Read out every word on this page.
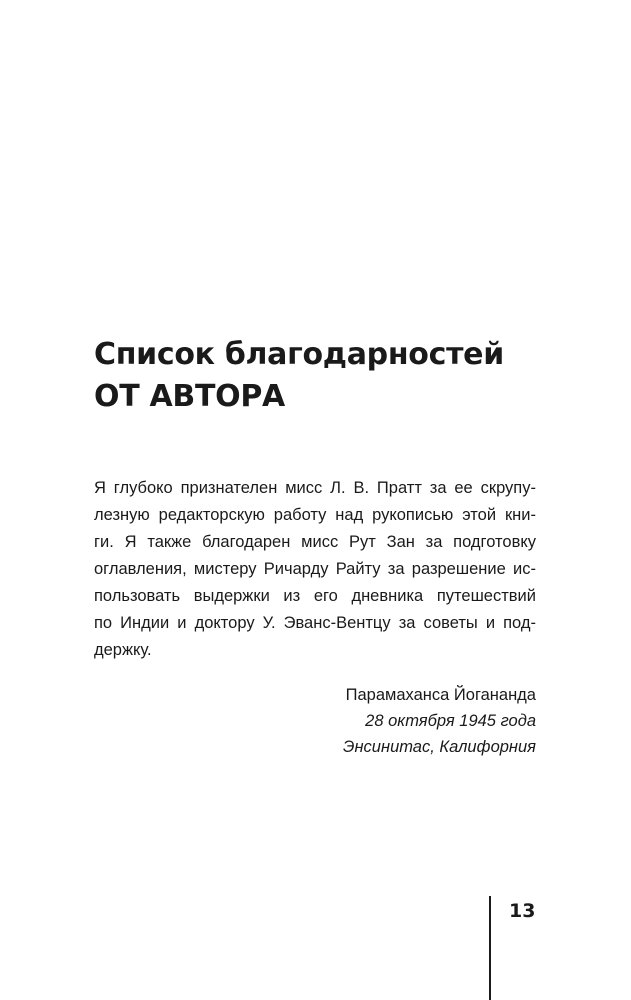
Список благодарностей
ОТ АВТОРА

Я глубоко признателен мисс Л. В. Пратт за ее скрупу-
лезную редакторскую работу над рукописью этой кни-
ги. Я также благодарен мисс Рут Зан за подготовку
оглавления, мистеру Ричарду Райту за разрешение ис-
пользовать выдержки из его дневника путешествий
по Индии и доктору У. Эванс-Вентцу за советы и под-
держку.

Парамаханса Йогананда
28 октября 1945 года
Энсинитас, Калифорния
13
